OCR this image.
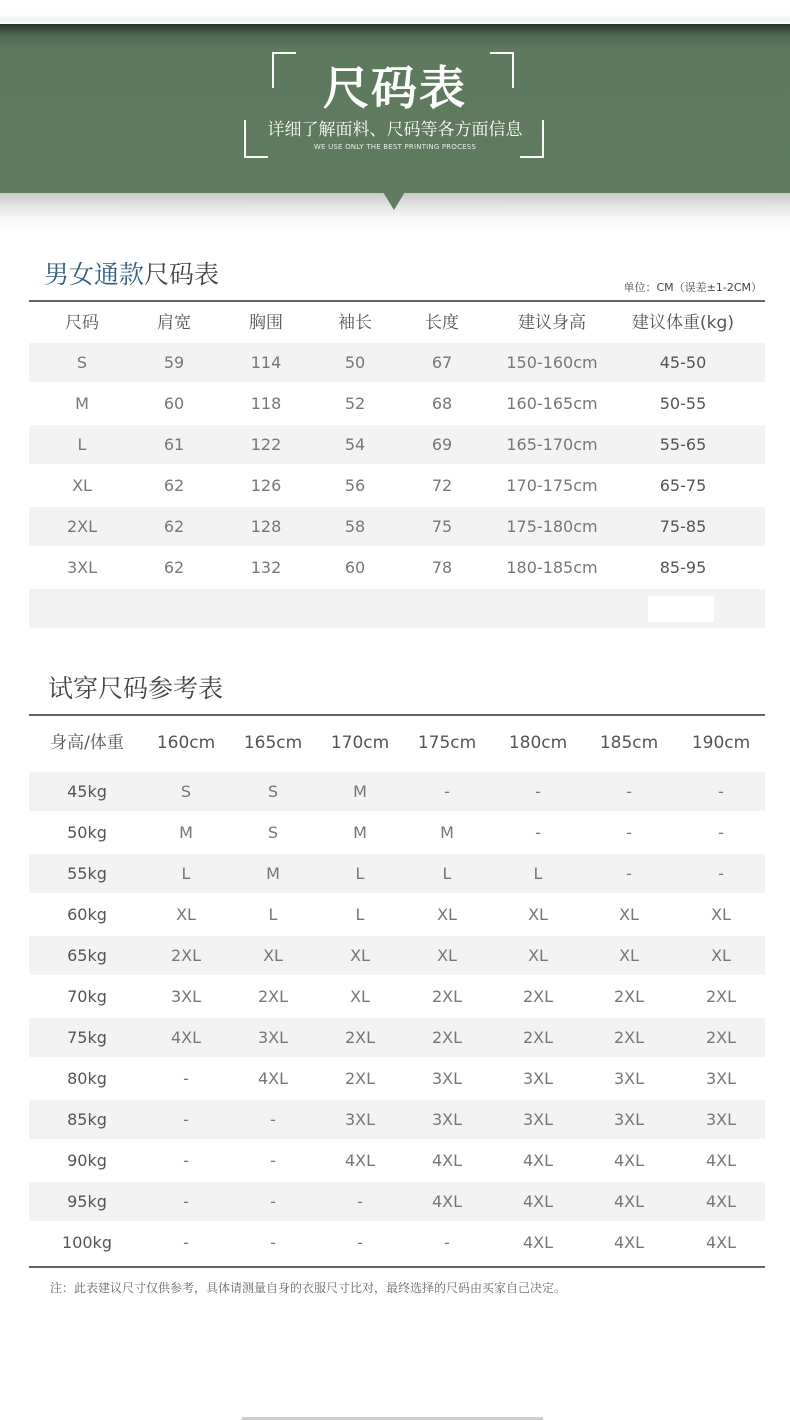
尺码表
详细了解面料、尺码等各方面信息
WE USE ONLY THE BEST PRINTING PROCESS
男女通款尺码表	单位：CM（误差±1-2CM）
尺码	肩宽	胸围	袖长	长度	建议身高	建议体重(kg)
S	59	114	50	67	150-160cm	45-50
M	60	118	52	68	160-165cm	50-55
L	61	122	54	69	165-170cm	55-65
XL	62	126	56	72	170-175cm	65-75
2XL	62	128	58	75	175-180cm	75-85
3XL	62	132	60	78	180-185cm	85-95
试穿尺码参考表
身高/体重	160cm	165cm	170cm	175cm	180cm	185cm	190cm
45kg	S	S	M	-	-	-	-
50kg	M	S	M	M	-	-	-
55kg	L	M	L	L	L	-	-
60kg	XL	L	L	XL	XL	XL	XL
65kg	2XL	XL	XL	XL	XL	XL	XL
70kg	3XL	2XL	XL	2XL	2XL	2XL	2XL
75kg	4XL	3XL	2XL	2XL	2XL	2XL	2XL
80kg	-	4XL	2XL	3XL	3XL	3XL	3XL
85kg	-	-	3XL	3XL	3XL	3XL	3XL
90kg	-	-	4XL	4XL	4XL	4XL	4XL
95kg	-	-	-	4XL	4XL	4XL	4XL
100kg	-	-	-	-	4XL	4XL	4XL
注：此表建议尺寸仅供参考，具体请测量自身的衣服尺寸比对，最终选择的尺码由买家自己决定。
